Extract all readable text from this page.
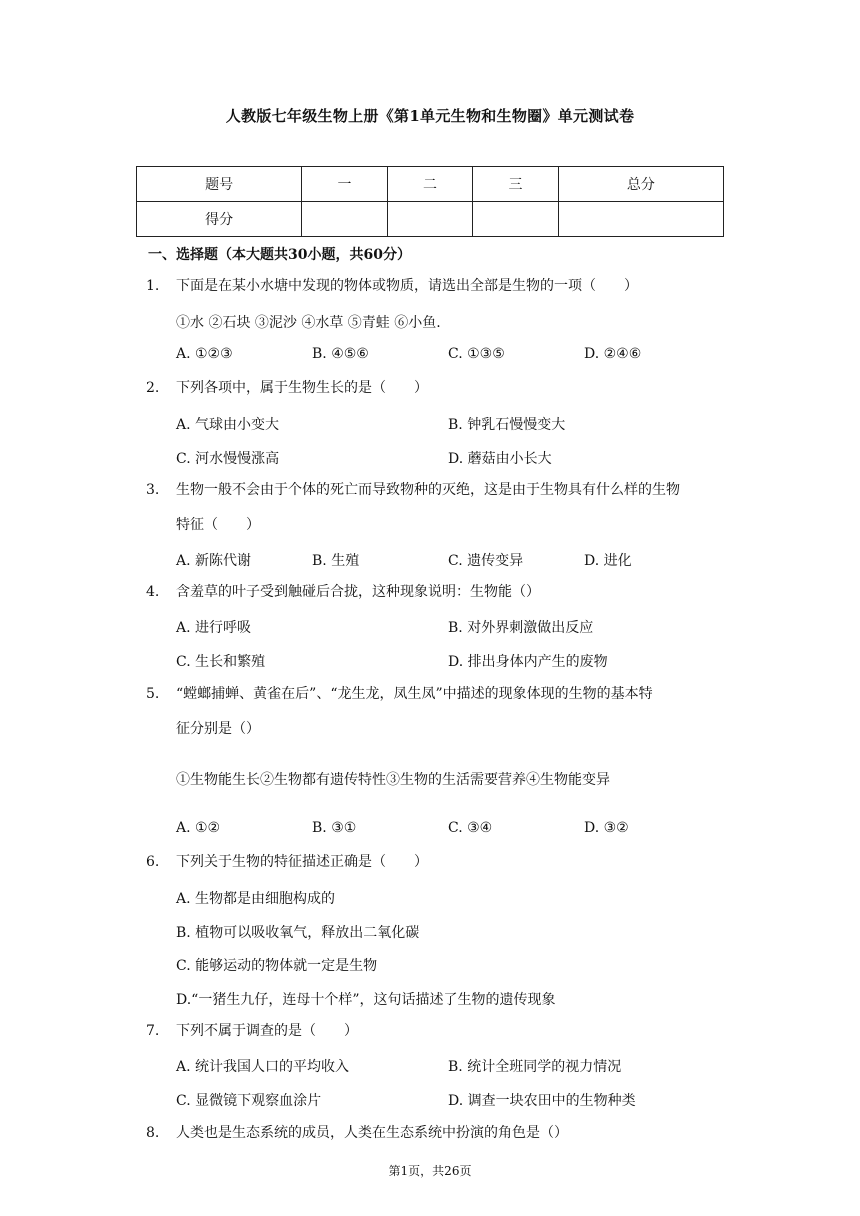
人教版七年级生物上册《第1单元生物和生物圈》单元测试卷
题号	一	二	三	总分
得分				
一、选择题（本大题共30小题，共60分）
1. 下面是在某小水塘中发现的物体或物质，请选出全部是生物的一项（　　）
①水 ②石块 ③泥沙 ④水草 ⑤青蛙 ⑥小鱼.
A. ①②③	B. ④⑤⑥	C. ①③⑤	D. ②④⑥
2. 下列各项中，属于生物生长的是（　　）
A. 气球由小变大	B. 钟乳石慢慢变大
C. 河水慢慢涨高	D. 蘑菇由小长大
3. 生物一般不会由于个体的死亡而导致物种的灭绝，这是由于生物具有什么样的生物
特征（　　）
A. 新陈代谢	B. 生殖	C. 遗传变异	D. 进化
4. 含羞草的叶子受到触碰后合拢，这种现象说明：生物能（）
A. 进行呼吸	B. 对外界刺激做出反应
C. 生长和繁殖	D. 排出身体内产生的废物
5. “螳螂捕蝉、黄雀在后”、“龙生龙，凤生凤”中描述的现象体现的生物的基本特
征分别是（）
①生物能生长②生物都有遗传特性③生物的生活需要营养④生物能变异
A. ①②	B. ③①	C. ③④	D. ③②
6. 下列关于生物的特征描述正确是（　　）
A. 生物都是由细胞构成的
B. 植物可以吸收氧气，释放出二氧化碳
C. 能够运动的物体就一定是生物
D.“一猪生九仔，连母十个样”，这句话描述了生物的遗传现象
7. 下列不属于调查的是（　　）
A. 统计我国人口的平均收入	B. 统计全班同学的视力情况
C. 显微镜下观察血涂片	D. 调查一块农田中的生物种类
8. 人类也是生态系统的成员，人类在生态系统中扮演的角色是（）
第1页，共26页
